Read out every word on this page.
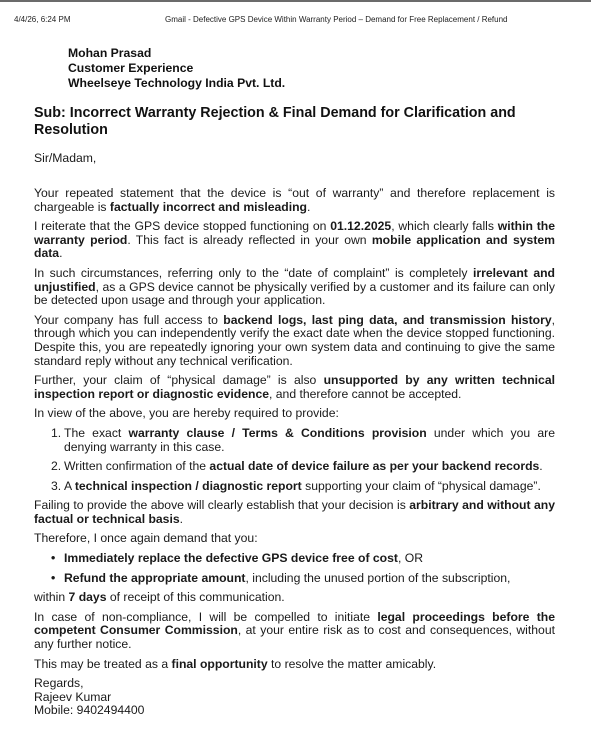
4/4/26, 6:24 PM	Gmail - Defective GPS Device Within Warranty Period – Demand for Free Replacement / Refund
Mohan Prasad
Customer Experience
Wheelseye Technology India Pvt. Ltd.
Sub: Incorrect Warranty Rejection & Final Demand for Clarification and Resolution
Sir/Madam,

Your repeated statement that the device is “out of warranty” and therefore replacement is chargeable is factually incorrect and misleading.

I reiterate that the GPS device stopped functioning on 01.12.2025, which clearly falls within the warranty period. This fact is already reflected in your own mobile application and system data.

In such circumstances, referring only to the “date of complaint” is completely irrelevant and unjustified, as a GPS device cannot be physically verified by a customer and its failure can only be detected upon usage and through your application.

Your company has full access to backend logs, last ping data, and transmission history, through which you can independently verify the exact date when the device stopped functioning. Despite this, you are repeatedly ignoring your own system data and continuing to give the same standard reply without any technical verification.

Further, your claim of “physical damage” is also unsupported by any written technical inspection report or diagnostic evidence, and therefore cannot be accepted.

In view of the above, you are hereby required to provide:

1. The exact warranty clause / Terms & Conditions provision under which you are denying warranty in this case.
2. Written confirmation of the actual date of device failure as per your backend records.
3. A technical inspection / diagnostic report supporting your claim of “physical damage”.

Failing to provide the above will clearly establish that your decision is arbitrary and without any factual or technical basis.

Therefore, I once again demand that you:

• Immediately replace the defective GPS device free of cost, OR
• Refund the appropriate amount, including the unused portion of the subscription,

within 7 days of receipt of this communication.

In case of non-compliance, I will be compelled to initiate legal proceedings before the competent Consumer Commission, at your entire risk as to cost and consequences, without any further notice.

This may be treated as a final opportunity to resolve the matter amicably.

Regards,
Rajeev Kumar
Mobile: 9402494400
